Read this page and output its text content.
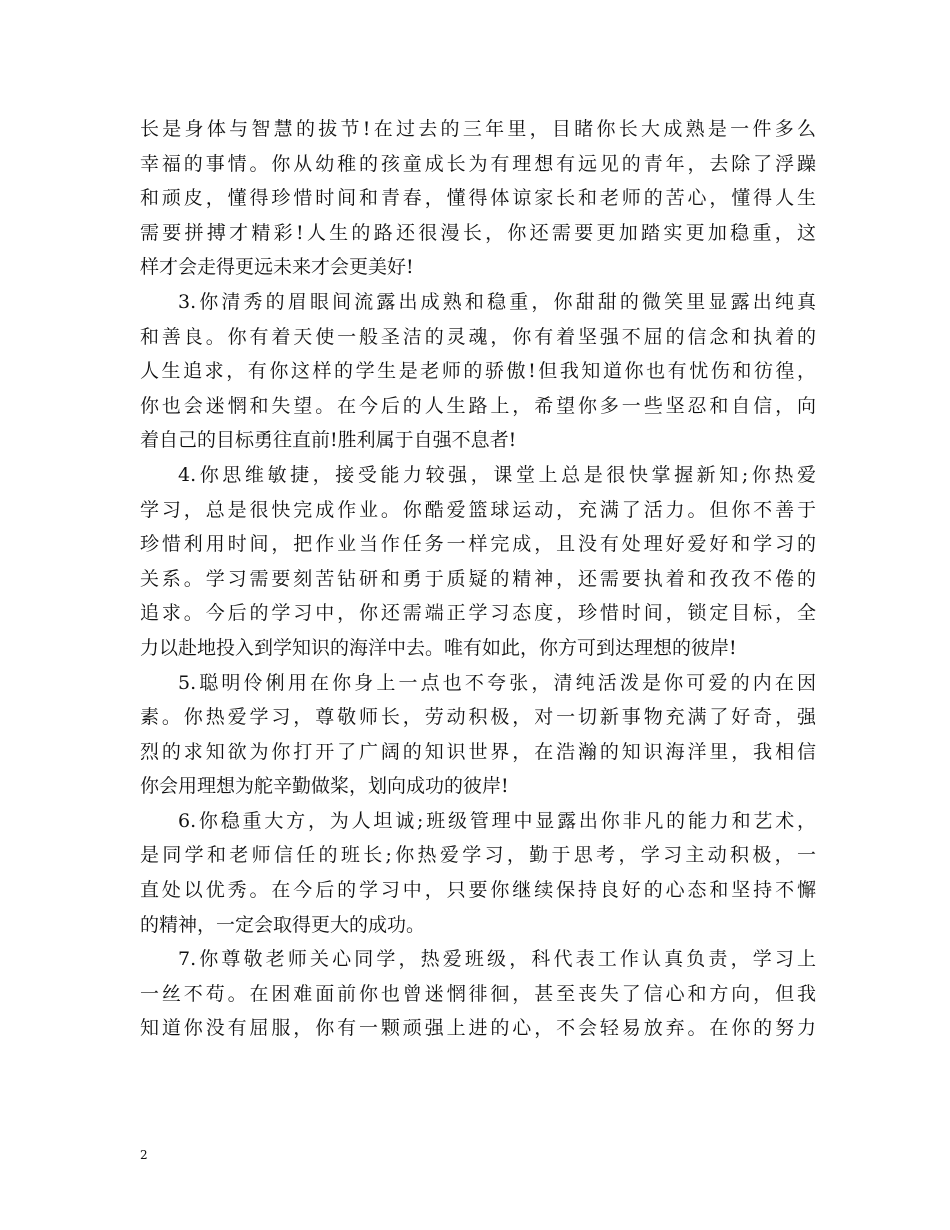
长是身体与智慧的拔节!在过去的三年里，目睹你长大成熟是一件多么
幸福的事情。你从幼稚的孩童成长为有理想有远见的青年，去除了浮躁
和顽皮，懂得珍惜时间和青春，懂得体谅家长和老师的苦心，懂得人生
需要拼搏才精彩!人生的路还很漫长，你还需要更加踏实更加稳重，这
样才会走得更远未来才会更美好!
3.你清秀的眉眼间流露出成熟和稳重，你甜甜的微笑里显露出纯真
和善良。你有着天使一般圣洁的灵魂，你有着坚强不屈的信念和执着的
人生追求，有你这样的学生是老师的骄傲!但我知道你也有忧伤和彷徨，
你也会迷惘和失望。在今后的人生路上，希望你多一些坚忍和自信，向
着自己的目标勇往直前!胜利属于自强不息者!
4.你思维敏捷，接受能力较强，课堂上总是很快掌握新知;你热爱
学习，总是很快完成作业。你酷爱篮球运动，充满了活力。但你不善于
珍惜利用时间，把作业当作任务一样完成，且没有处理好爱好和学习的
关系。学习需要刻苦钻研和勇于质疑的精神，还需要执着和孜孜不倦的
追求。今后的学习中，你还需端正学习态度，珍惜时间，锁定目标，全
力以赴地投入到学知识的海洋中去。唯有如此，你方可到达理想的彼岸!
5.聪明伶俐用在你身上一点也不夸张，清纯活泼是你可爱的内在因
素。你热爱学习，尊敬师长，劳动积极，对一切新事物充满了好奇，强
烈的求知欲为你打开了广阔的知识世界，在浩瀚的知识海洋里，我相信
你会用理想为舵辛勤做桨，划向成功的彼岸!
6.你稳重大方，为人坦诚;班级管理中显露出你非凡的能力和艺术，
是同学和老师信任的班长;你热爱学习，勤于思考，学习主动积极，一
直处以优秀。在今后的学习中，只要你继续保持良好的心态和坚持不懈
的精神，一定会取得更大的成功。
7.你尊敬老师关心同学，热爱班级，科代表工作认真负责，学习上
一丝不苟。在困难面前你也曾迷惘徘徊，甚至丧失了信心和方向，但我
知道你没有屈服，你有一颗顽强上进的心，不会轻易放弃。在你的努力
2
